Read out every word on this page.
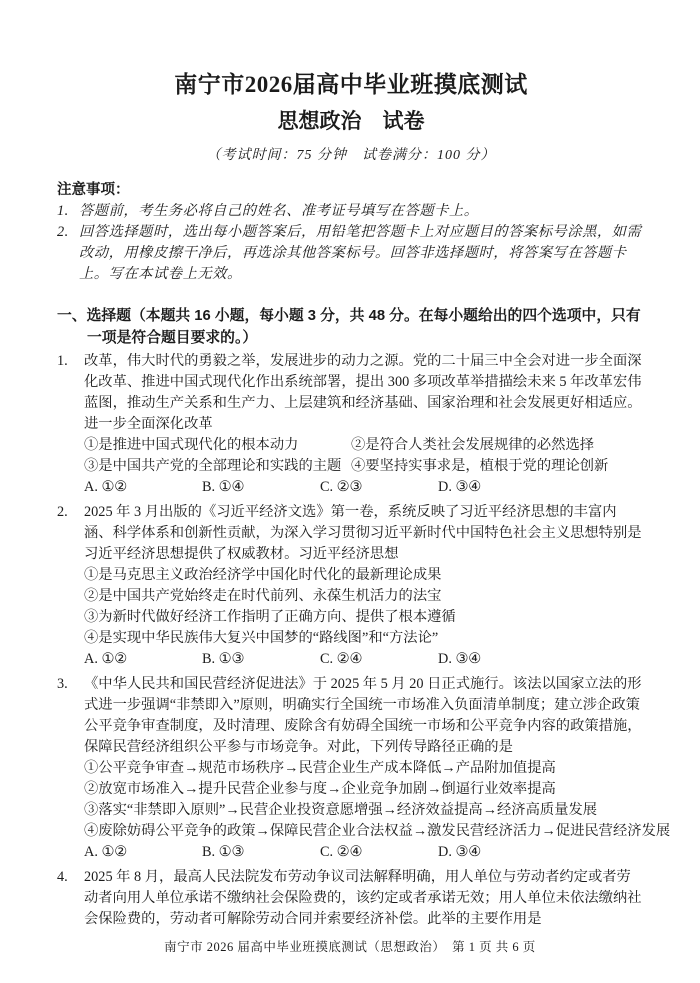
南宁市2026届高中毕业班摸底测试
思想政治　试卷
（考试时间：75 分钟　试卷满分：100 分）
注意事项：
1. 答题前，考生务必将自己的姓名、准考证号填写在答题卡上。
2. 回答选择题时，选出每小题答案后，用铅笔把答题卡上对应题目的答案标号涂黑，如需改动，用橡皮擦干净后，再选涂其他答案标号。回答非选择题时，将答案写在答题卡上。写在本试卷上无效。
一、选择题（本题共 16 小题，每小题 3 分，共 48 分。在每小题给出的四个选项中，只有一项是符合题目要求的。）
1.	改革，伟大时代的勇毅之举，发展进步的动力之源。党的二十届三中全会对进一步全面深化改革、推进中国式现代化作出系统部署，提出 300 多项改革举措描绘未来 5 年改革宏伟蓝图，推动生产关系和生产力、上层建筑和经济基础、国家治理和社会发展更好相适应。进一步全面深化改革
①是推进中国式现代化的根本动力	②是符合人类社会发展规律的必然选择
③是中国共产党的全部理论和实践的主题 ④要坚持实事求是，植根于党的理论创新
A. ①②	B. ①④	C. ②③	D. ③④
2.	2025 年 3 月出版的《习近平经济文选》第一卷，系统反映了习近平经济思想的丰富内涵、科学体系和创新性贡献，为深入学习贯彻习近平新时代中国特色社会主义思想特别是习近平经济思想提供了权威教材。习近平经济思想
①是马克思主义政治经济学中国化时代化的最新理论成果
②是中国共产党始终走在时代前列、永葆生机活力的法宝
③为新时代做好经济工作指明了正确方向、提供了根本遵循
④是实现中华民族伟大复兴中国梦的“路线图”和“方法论”
A. ①②	B. ①③	C. ②④	D. ③④
3.	《中华人民共和国民营经济促进法》于 2025 年 5 月 20 日正式施行。该法以国家立法的形式进一步强调“非禁即入”原则，明确实行全国统一市场准入负面清单制度；建立涉企政策公平竞争审查制度，及时清理、废除含有妨碍全国统一市场和公平竞争内容的政策措施，保障民营经济组织公平参与市场竞争。对此，下列传导路径正确的是
①公平竞争审查→规范市场秩序→民营企业生产成本降低→产品附加值提高
②放宽市场准入→提升民营企业参与度→企业竞争加剧→倒逼行业效率提高
③落实“非禁即入原则”→民营企业投资意愿增强→经济效益提高→经济高质量发展
④废除妨碍公平竞争的政策→保障民营企业合法权益→激发民营经济活力→促进民营经济发展
A. ①②	B. ①③	C. ②④	D. ③④
4.	2025 年 8 月，最高人民法院发布劳动争议司法解释明确，用人单位与劳动者约定或者劳动者向用人单位承诺不缴纳社会保险费的，该约定或者承诺无效；用人单位未依法缴纳社会保险费的，劳动者可解除劳动合同并索要经济补偿。此举的主要作用是
南宁市 2026 届高中毕业班摸底测试（思想政治）　第 1 页 共 6 页
